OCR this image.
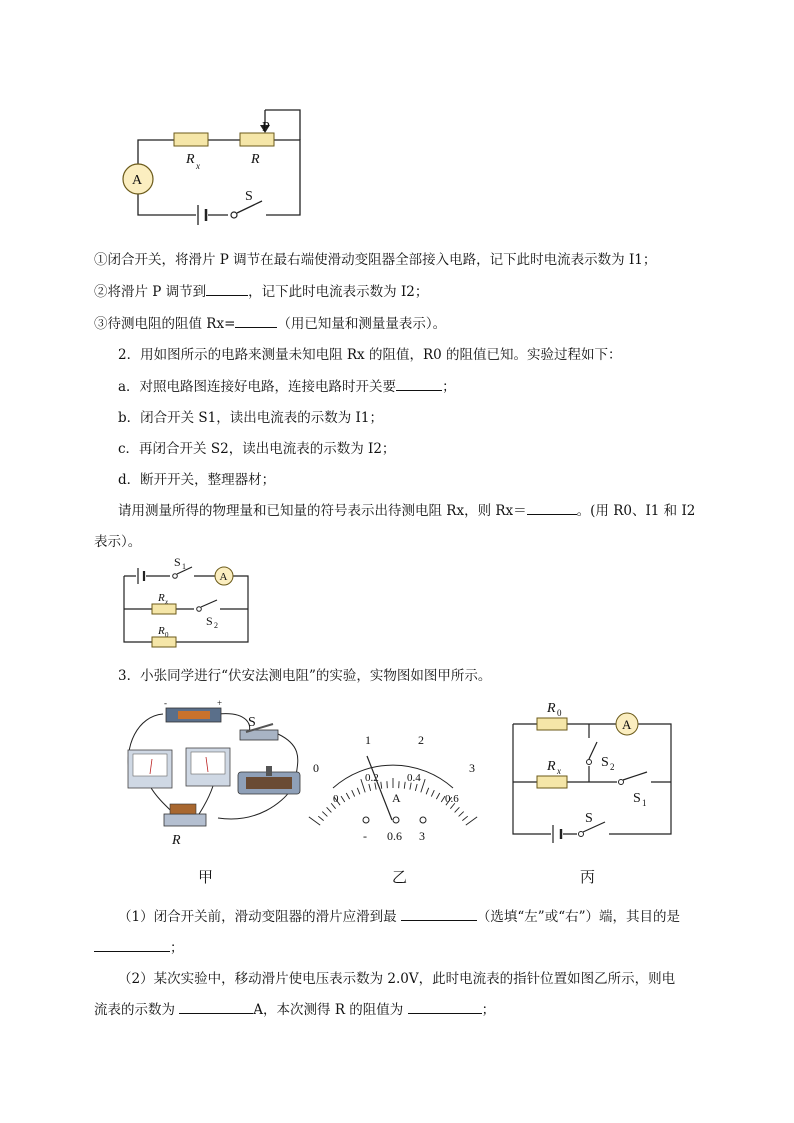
A
R x	R
P
S
①闭合开关，将滑片 P 调节在最右端使滑动变阻器全部接入电路，记下此时电流表示数为 I1；
②将滑片 P 调节到	，记下此时电流表示数为 I2；
③待测电阻的阻值 Rx=	（用已知量和测量量表示）。
2．用如图所示的电路来测量未知电阻 Rx 的阻值，R0 的阻值已知。实验过程如下：
a．对照电路图连接好电路，连接电路时开关要	；
b．闭合开关 S1，读出电流表的示数为 I1；
c．再闭合开关 S2，读出电流表的示数为 I2；
d．断开开关，整理器材；
请用测量所得的物理量和已知量的符号表示出待测电阻 Rx，则 Rx＝	。(用 R0、I1 和 I2
表示）。
S 1
A
R x
S 2
R 0
3．小张同学进行“伏安法测电阻”的实验，实物图如图甲所示。
-	+
S
R
0
1	2
3
0
0.2	0.4
0.6
A
- 0.6 3
R 0
A
S 2
R x
S 1
S
甲	乙	丙
（1）闭合开关前，滑动变阻器的滑片应滑到最	（选填“左”或“右”）端，其目的是
；
（2）某次实验中，移动滑片使电压表示数为 2.0V，此时电流表的指针位置如图乙所示，则电
流表的示数为	A，本次测得 R 的阻值为	；
